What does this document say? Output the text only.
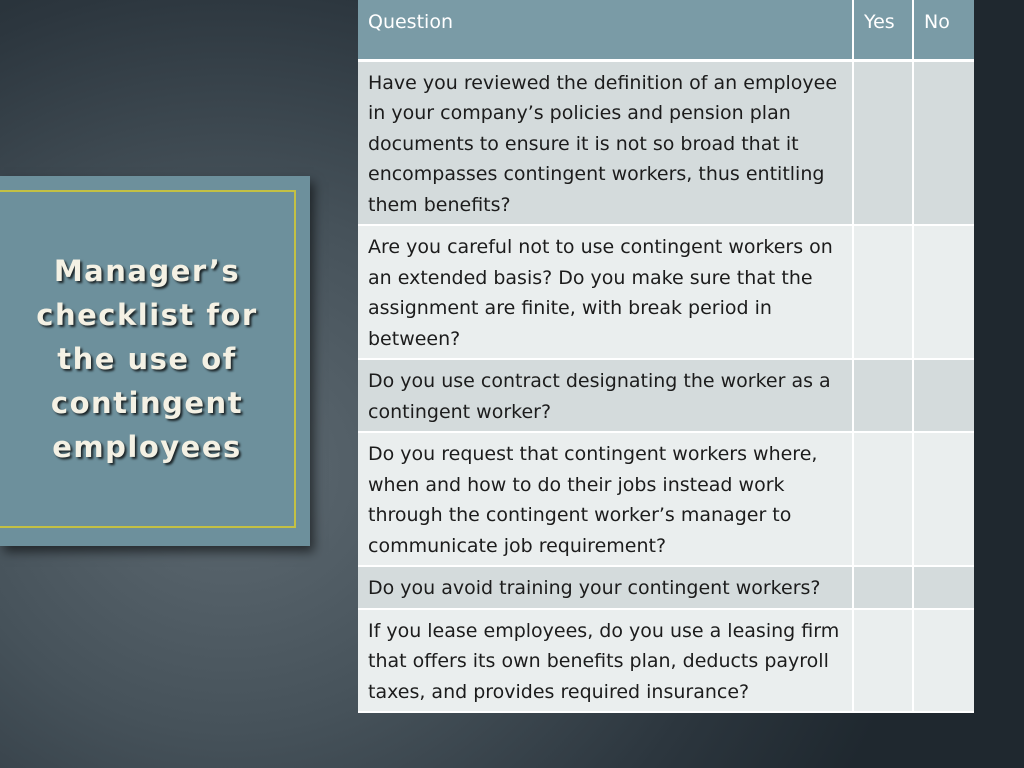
Manager’s checklist for the use of contingent employees
Question	Yes	No
Have you reviewed the definition of an employee in your company’s policies and pension plan documents to ensure it is not so broad that it encompasses contingent workers, thus entitling them benefits?		
Are you careful not to use contingent workers on an extended basis? Do you make sure that the assignment are finite, with break period in between?		
Do you use contract designating the worker as a contingent worker?		
Do you request that contingent workers where, when and how to do their jobs instead work through the contingent worker’s manager to communicate job requirement?		
Do you avoid training your contingent workers?		
If you lease employees, do you use a leasing firm that offers its own benefits plan, deducts payroll taxes, and provides required insurance?		
